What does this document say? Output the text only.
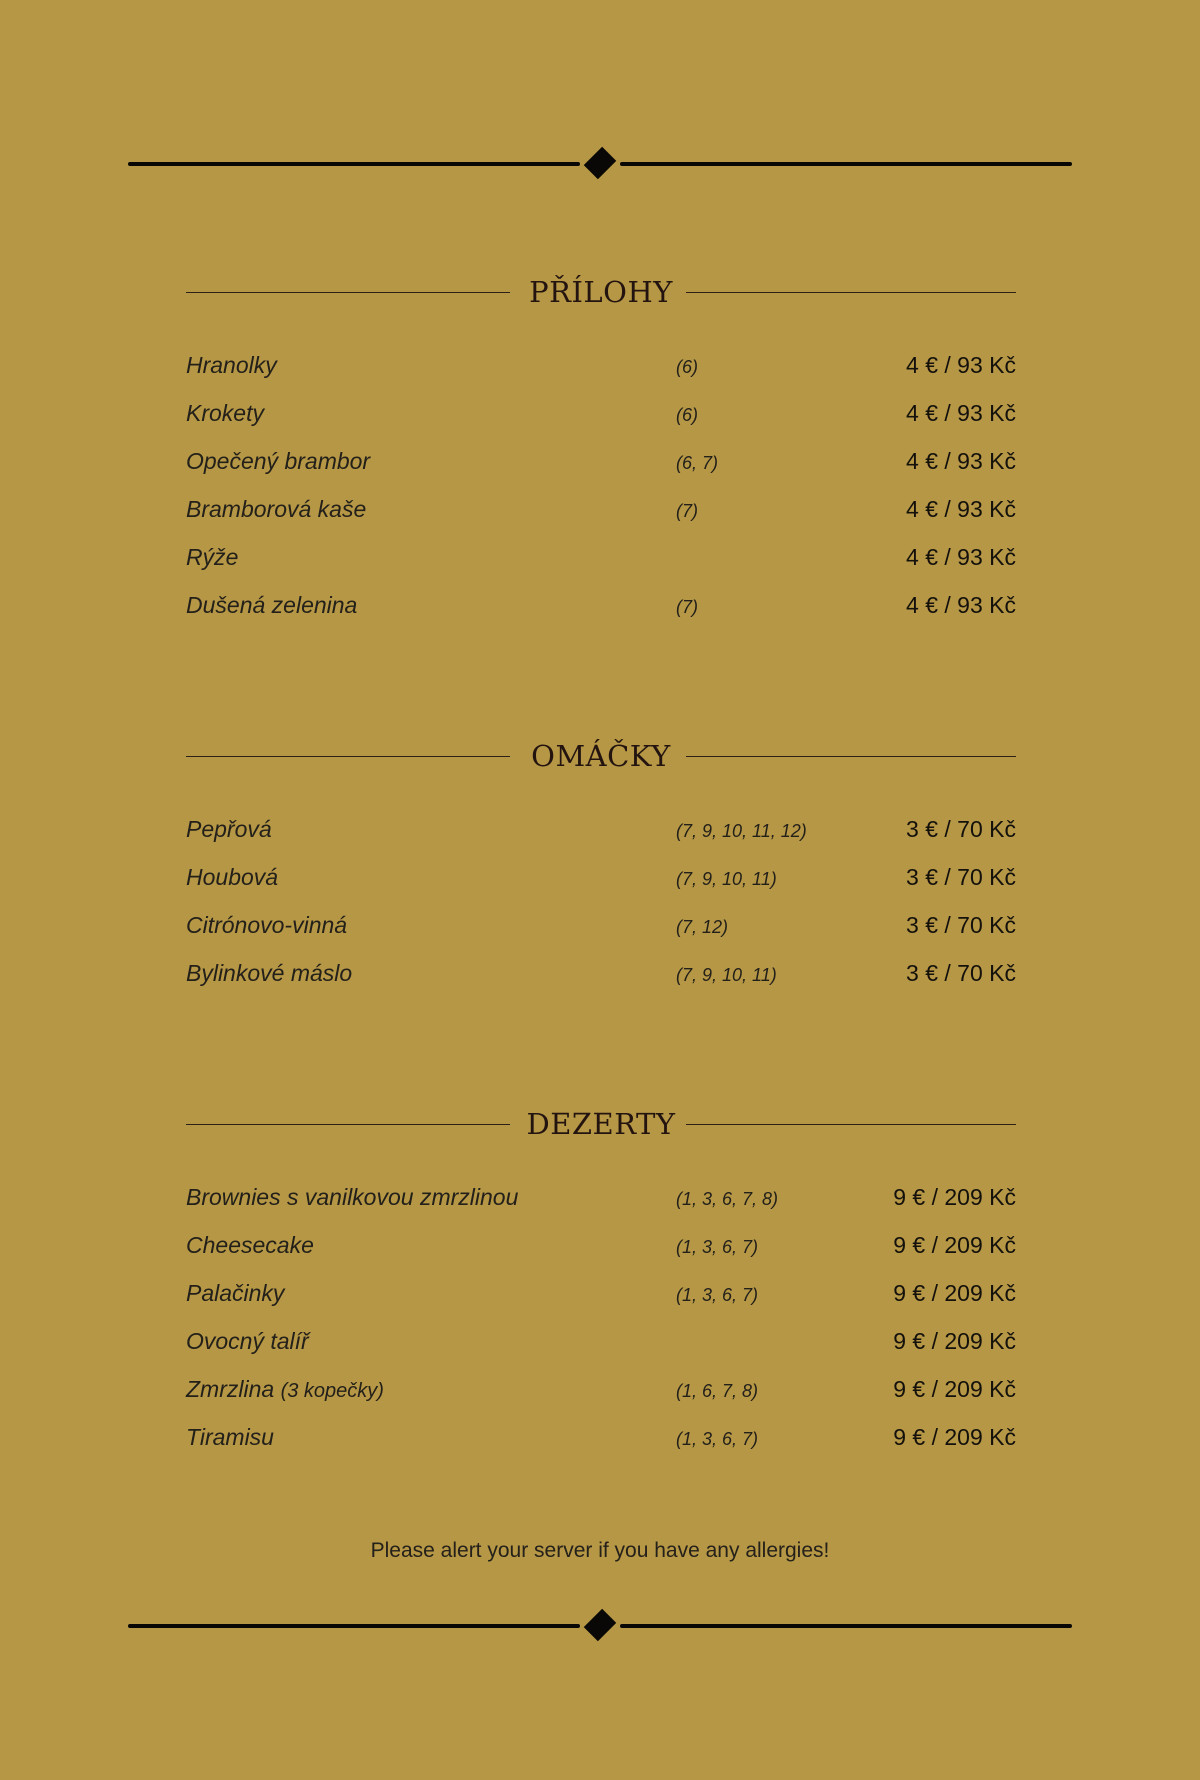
PŘÍLOHY
Hranolky	(6)	4 € / 93 Kč
Krokety	(6)	4 € / 93 Kč
Opečený brambor	(6, 7)	4 € / 93 Kč
Bramborová kaše	(7)	4 € / 93 Kč
Rýže	4 € / 93 Kč
Dušená zelenina	(7)	4 € / 93 Kč
OMÁČKY
Pepřová	(7, 9, 10, 11, 12)	3 € / 70 Kč
Houbová	(7, 9, 10, 11)	3 € / 70 Kč
Citrónovo-vinná	(7, 12)	3 € / 70 Kč
Bylinkové máslo	(7, 9, 10, 11)	3 € / 70 Kč
DEZERTY
Brownies s vanilkovou zmrzlinou	(1, 3, 6, 7, 8)	9 € / 209 Kč
Cheesecake	(1, 3, 6, 7)	9 € / 209 Kč
Palačinky	(1, 3, 6, 7)	9 € / 209 Kč
Ovocný talíř	9 € / 209 Kč
Zmrzlina (3 kopečky)	(1, 6, 7, 8)	9 € / 209 Kč
Tiramisu	(1, 3, 6, 7)	9 € / 209 Kč
Please alert your server if you have any allergies!
